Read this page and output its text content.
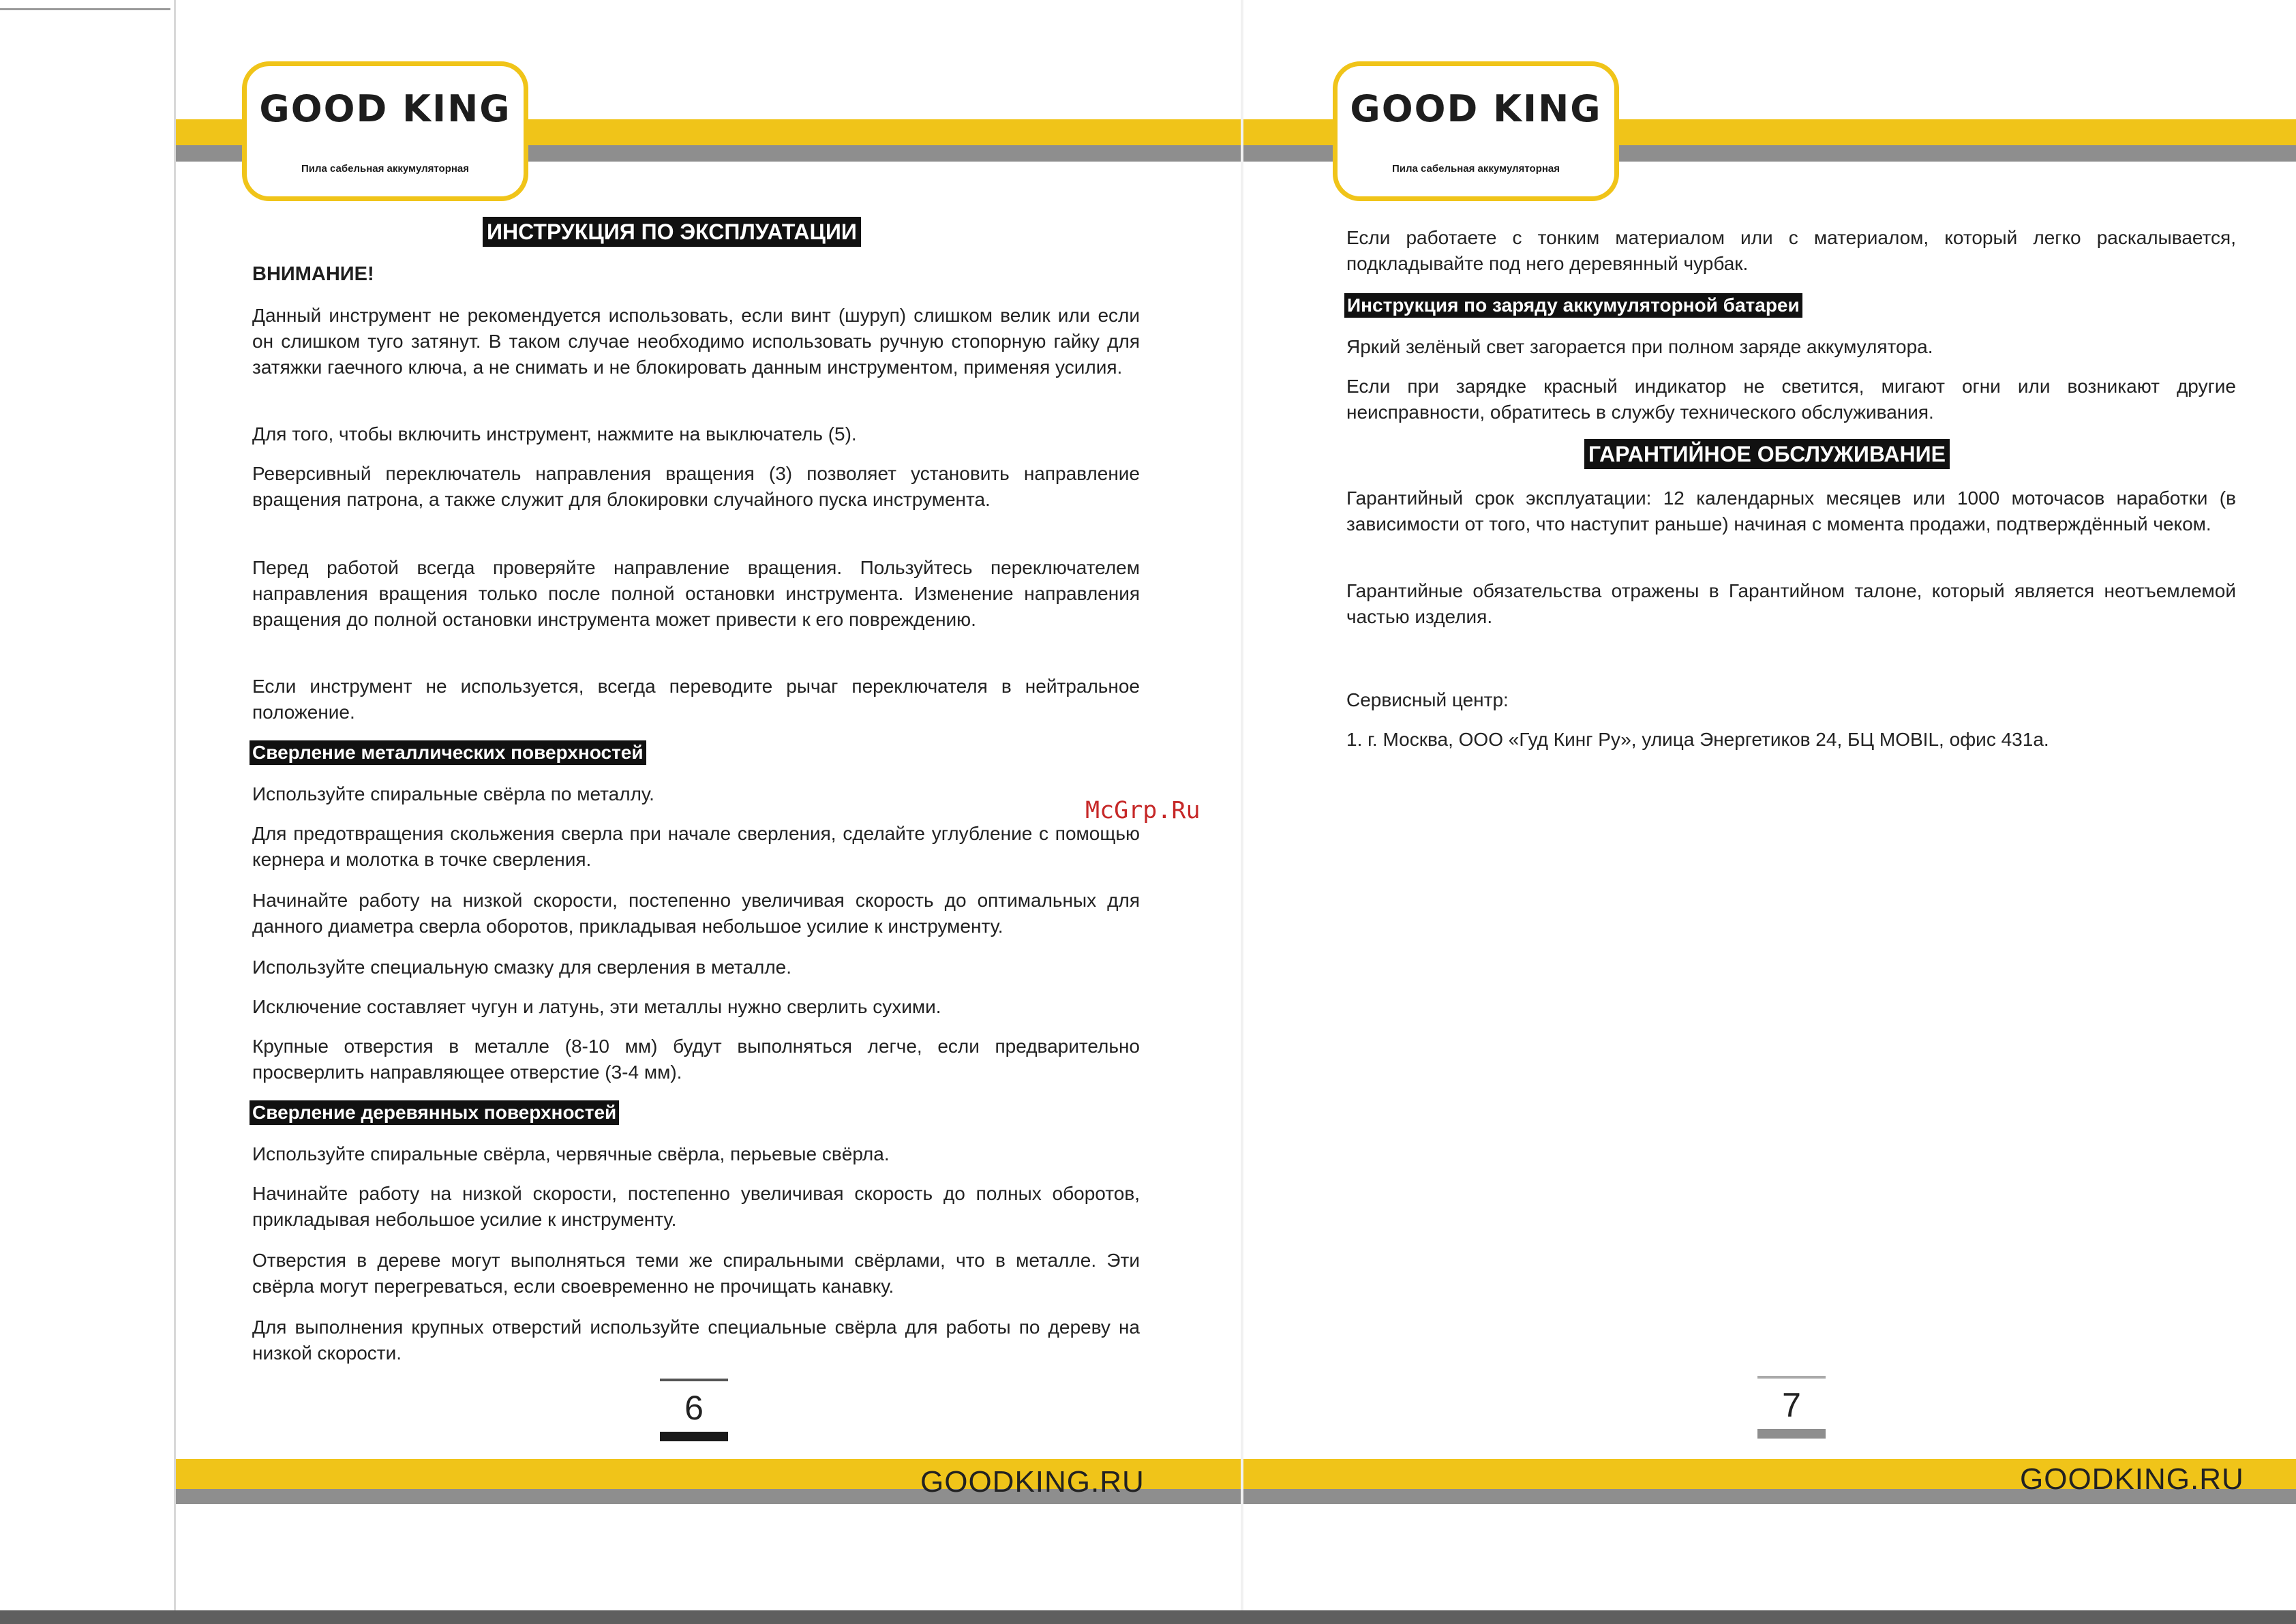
GOOD KING
Пила сабельная аккумуляторная
ИНСТРУКЦИЯ ПО ЭКСПЛУАТАЦИИ
ВНИМАНИЕ!

Данный инструмент не рекомендуется использовать, если винт (шуруп) слишком велик или если он слишком туго затянут. В таком случае необходимо использовать ручную стопорную гайку для затяжки гаечного ключа, а не снимать и не блокировать данным инструментом, применяя усилия.

Для того, чтобы включить инструмент, нажмите на выключатель (5).

Реверсивный переключатель направления вращения (3) позволяет установить направление вращения патрона, а также служит для блокировки случайного пуска инструмента.

Перед работой всегда проверяйте направление вращения. Пользуйтесь переключателем направления вращения только после полной остановки инструмента. Изменение направления вращения до полной остановки инструмента может привести к его повреждению.

Если инструмент не используется, всегда переводите рычаг переключателя в нейтральное положение.

Сверление металлических поверхностей

Используйте спиральные свёрла по металлу.

Для предотвращения скольжения сверла при начале сверления, сделайте углубление с помощью кернера и молотка в точке сверления.

Начинайте работу на низкой скорости, постепенно увеличивая скорость до оптимальных для данного диаметра сверла оборотов, прикладывая небольшое усилие к инструменту.

Используйте специальную смазку для сверления в металле.

Исключение составляет чугун и латунь, эти металлы нужно сверлить сухими.

Крупные отверстия в металле (8-10 мм) будут выполняться легче, если предварительно просверлить направляющее отверстие (3-4 мм).

Сверление деревянных поверхностей

Используйте спиральные свёрла, червячные свёрла, перьевые свёрла.

Начинайте работу на низкой скорости, постепенно увеличивая скорость до полных оборотов, прикладывая небольшое усилие к инструменту.

Отверстия в дереве могут выполняться теми же спиральными свёрлами, что в металле. Эти свёрла могут перегреваться, если своевременно не прочищать канавку.

Для выполнения крупных отверстий используйте специальные свёрла для работы по дереву на низкой скорости.

6
GOODKING.RU
GOOD KING
Пила сабельная аккумуляторная

Если работаете с тонким материалом или с материалом, который легко раскалывается, подкладывайте под него деревянный чурбак.

Инструкция по заряду аккумуляторной батареи

Яркий зелёный свет загорается при полном заряде аккумулятора.

Если при зарядке красный индикатор не светится, мигают огни или возникают другие неисправности, обратитесь в службу технического обслуживания.

ГАРАНТИЙНОЕ ОБСЛУЖИВАНИЕ

Гарантийный срок эксплуатации: 12 календарных месяцев или 1000 моточасов наработки (в зависимости от того, что наступит раньше) начиная с момента продажи, подтверждённый чеком.

Гарантийные обязательства отражены в Гарантийном талоне, который является неотъемлемой частью изделия.

Сервисный центр:

1. г. Москва, ООО «Гуд Кинг Ру», улица Энергетиков 24, БЦ MOBIL, офис 431а.

7
GOODKING.RU
McGrp.Ru
